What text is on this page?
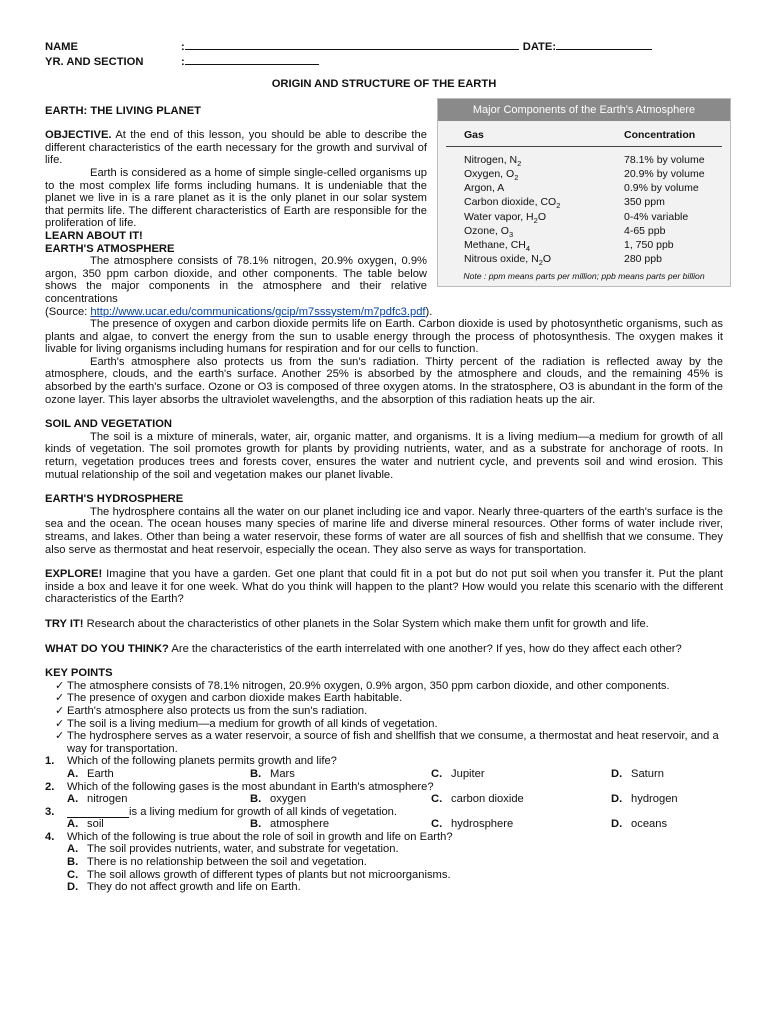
NAME	:	DATE:
YR. AND SECTION	:
ORIGIN AND STRUCTURE OF THE EARTH
Major Components of the Earth's Atmosphere
Gas	Concentration
Nitrogen, $N_2$	78.1% by volume
Oxygen, $O_2$	20.9% by volume
Argon, A	0.9% by volume
Carbon dioxide, $CO_2$	350 ppm
Water vapor, $H_2O$	0-4% variable
Ozone, $O_3$	4-65 ppb
Methane, $CH_4$	1, 750 ppb
Nitrous oxide, $N_2O$	280 ppb
Note : ppm means parts per million; ppb means parts per billion
EARTH: THE LIVING PLANET

OBJECTIVE. At the end of this lesson, you should be able to describe the different characteristics of the earth necessary for the growth and survival of life.

Earth is considered as a home of simple single-celled organisms up to the most complex life forms including humans. It is undeniable that the planet we live in is a rare planet as it is the only planet in our solar system that permits life. The different characteristics of Earth are responsible for the proliferation of life.

LEARN ABOUT IT!
EARTH'S ATMOSPHERE

The atmosphere consists of 78.1% nitrogen, 20.9% oxygen, 0.9% argon, 350 ppm carbon dioxide, and other components. The table below shows the major components in the atmosphere and their relative concentrations
(Source: http://www.ucar.edu/communications/gcip/m7sssystem/m7pdfc3.pdf).

The presence of oxygen and carbon dioxide permits life on Earth. Carbon dioxide is used by photosynthetic organisms, such as plants and algae, to convert the energy from the sun to usable energy through the process of photosynthesis. The oxygen makes it livable for living organisms including humans for respiration and for our cells to function.

Earth's atmosphere also protects us from the sun's radiation. Thirty percent of the radiation is reflected away by the atmosphere, clouds, and the earth's surface. Another 25% is absorbed by the atmosphere and clouds, and the remaining 45% is absorbed by the earth's surface. Ozone or O3 is composed of three oxygen atoms. In the stratosphere, O3 is abundant in the form of the ozone layer. This layer absorbs the ultraviolet wavelengths, and the absorption of this radiation heats up the air.

SOIL AND VEGETATION

The soil is a mixture of minerals, water, air, organic matter, and organisms. It is a living medium—a medium for growth of all kinds of vegetation. The soil promotes growth for plants by providing nutrients, water, and as a substrate for anchorage of roots. In return, vegetation produces trees and forests cover, ensures the water and nutrient cycle, and prevents soil and wind erosion. This mutual relationship of the soil and vegetation makes our planet livable.

EARTH'S HYDROSPHERE

The hydrosphere contains all the water on our planet including ice and vapor. Nearly three-quarters of the earth's surface is the sea and the ocean. The ocean houses many species of marine life and diverse mineral resources. Other forms of water include river, streams, and lakes. Other than being a water reservoir, these forms of water are all sources of fish and shellfish that we consume. They also serve as thermostat and heat reservoir, especially the ocean. They also serve as ways for transportation.

EXPLORE! Imagine that you have a garden. Get one plant that could fit in a pot but do not put soil when you transfer it. Put the plant inside a box and leave it for one week. What do you think will happen to the plant? How would you relate this scenario with the different characteristics of the Earth?

TRY IT! Research about the characteristics of other planets in the Solar System which make them unfit for growth and life.

WHAT DO YOU THINK? Are the characteristics of the earth interrelated with one another? If yes, how do they affect each other?

KEY POINTS
✓ The atmosphere consists of 78.1% nitrogen, 20.9% oxygen, 0.9% argon, 350 ppm carbon dioxide, and other components.
✓ The presence of oxygen and carbon dioxide makes Earth habitable.
✓ Earth's atmosphere also protects us from the sun's radiation.
✓ The soil is a living medium—a medium for growth of all kinds of vegetation.
✓ The hydrosphere serves as a water reservoir, a source of fish and shellfish that we consume, a thermostat and heat reservoir, and a way for transportation.
1.	Which of the following planets permits growth and life?
A. Earth	B. Mars	C. Jupiter	D. Saturn
2.	Which of the following gases is the most abundant in Earth's atmosphere?
A. nitrogen	B. oxygen	C. carbon dioxide	D. hydrogen
3.	is a living medium for growth of all kinds of vegetation.
A. soil	B. atmosphere	C. hydrosphere	D. oceans
4.	Which of the following is true about the role of soil in growth and life on Earth?
A. The soil provides nutrients, water, and substrate for vegetation.
B. There is no relationship between the soil and vegetation.
C. The soil allows growth of different types of plants but not microorganisms.
D. They do not affect growth and life on Earth.
